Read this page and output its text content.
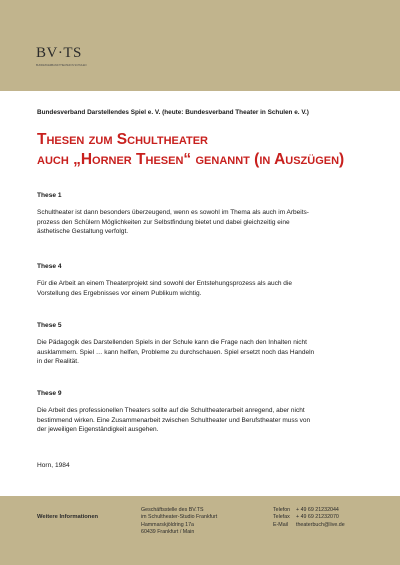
BV·TS
BUNDESVERBAND THEATER IN SCHULEN
Bundesverband Darstellendes Spiel e. V. (heute: Bundesverband Theater in Schulen e. V.)
Thesen zum Schultheater
auch „Horner Thesen“ genannt (in Auszügen)
These 1
Schultheater ist dann besonders überzeugend, wenn es sowohl im Thema als auch im Arbeits-
prozess den Schülern Möglichkeiten zur Selbstfindung bietet und dabei gleichzeitig eine
ästhetische Gestaltung verfolgt.
These 4
Für die Arbeit an einem Theaterprojekt sind sowohl der Entstehungsprozess als auch die
Vorstellung des Ergebnisses vor einem Publikum wichtig.
These 5
Die Pädagogik des Darstellenden Spiels in der Schule kann die Frage nach den Inhalten nicht
ausklammern. Spiel … kann helfen, Probleme zu durchschauen. Spiel ersetzt noch das Handeln
in der Realität.
These 9
Die Arbeit des professionellen Theaters sollte auf die Schultheaterarbeit anregend, aber nicht
bestimmend wirken. Eine Zusammenarbeit zwischen Schultheater und Berufstheater muss von
der jeweiligen Eigenständigkeit ausgehen.
Horn, 1984
Weitere Informationen
Geschäftsstelle des BV.TS
im Schultheater-Studio Frankfurt
Hammarskjöldring 17a
60439 Frankfurt / Main
Telefon + 49 69 21232044
Telefax + 49 69 21232070
E-Mail theaterbuch@live.de
